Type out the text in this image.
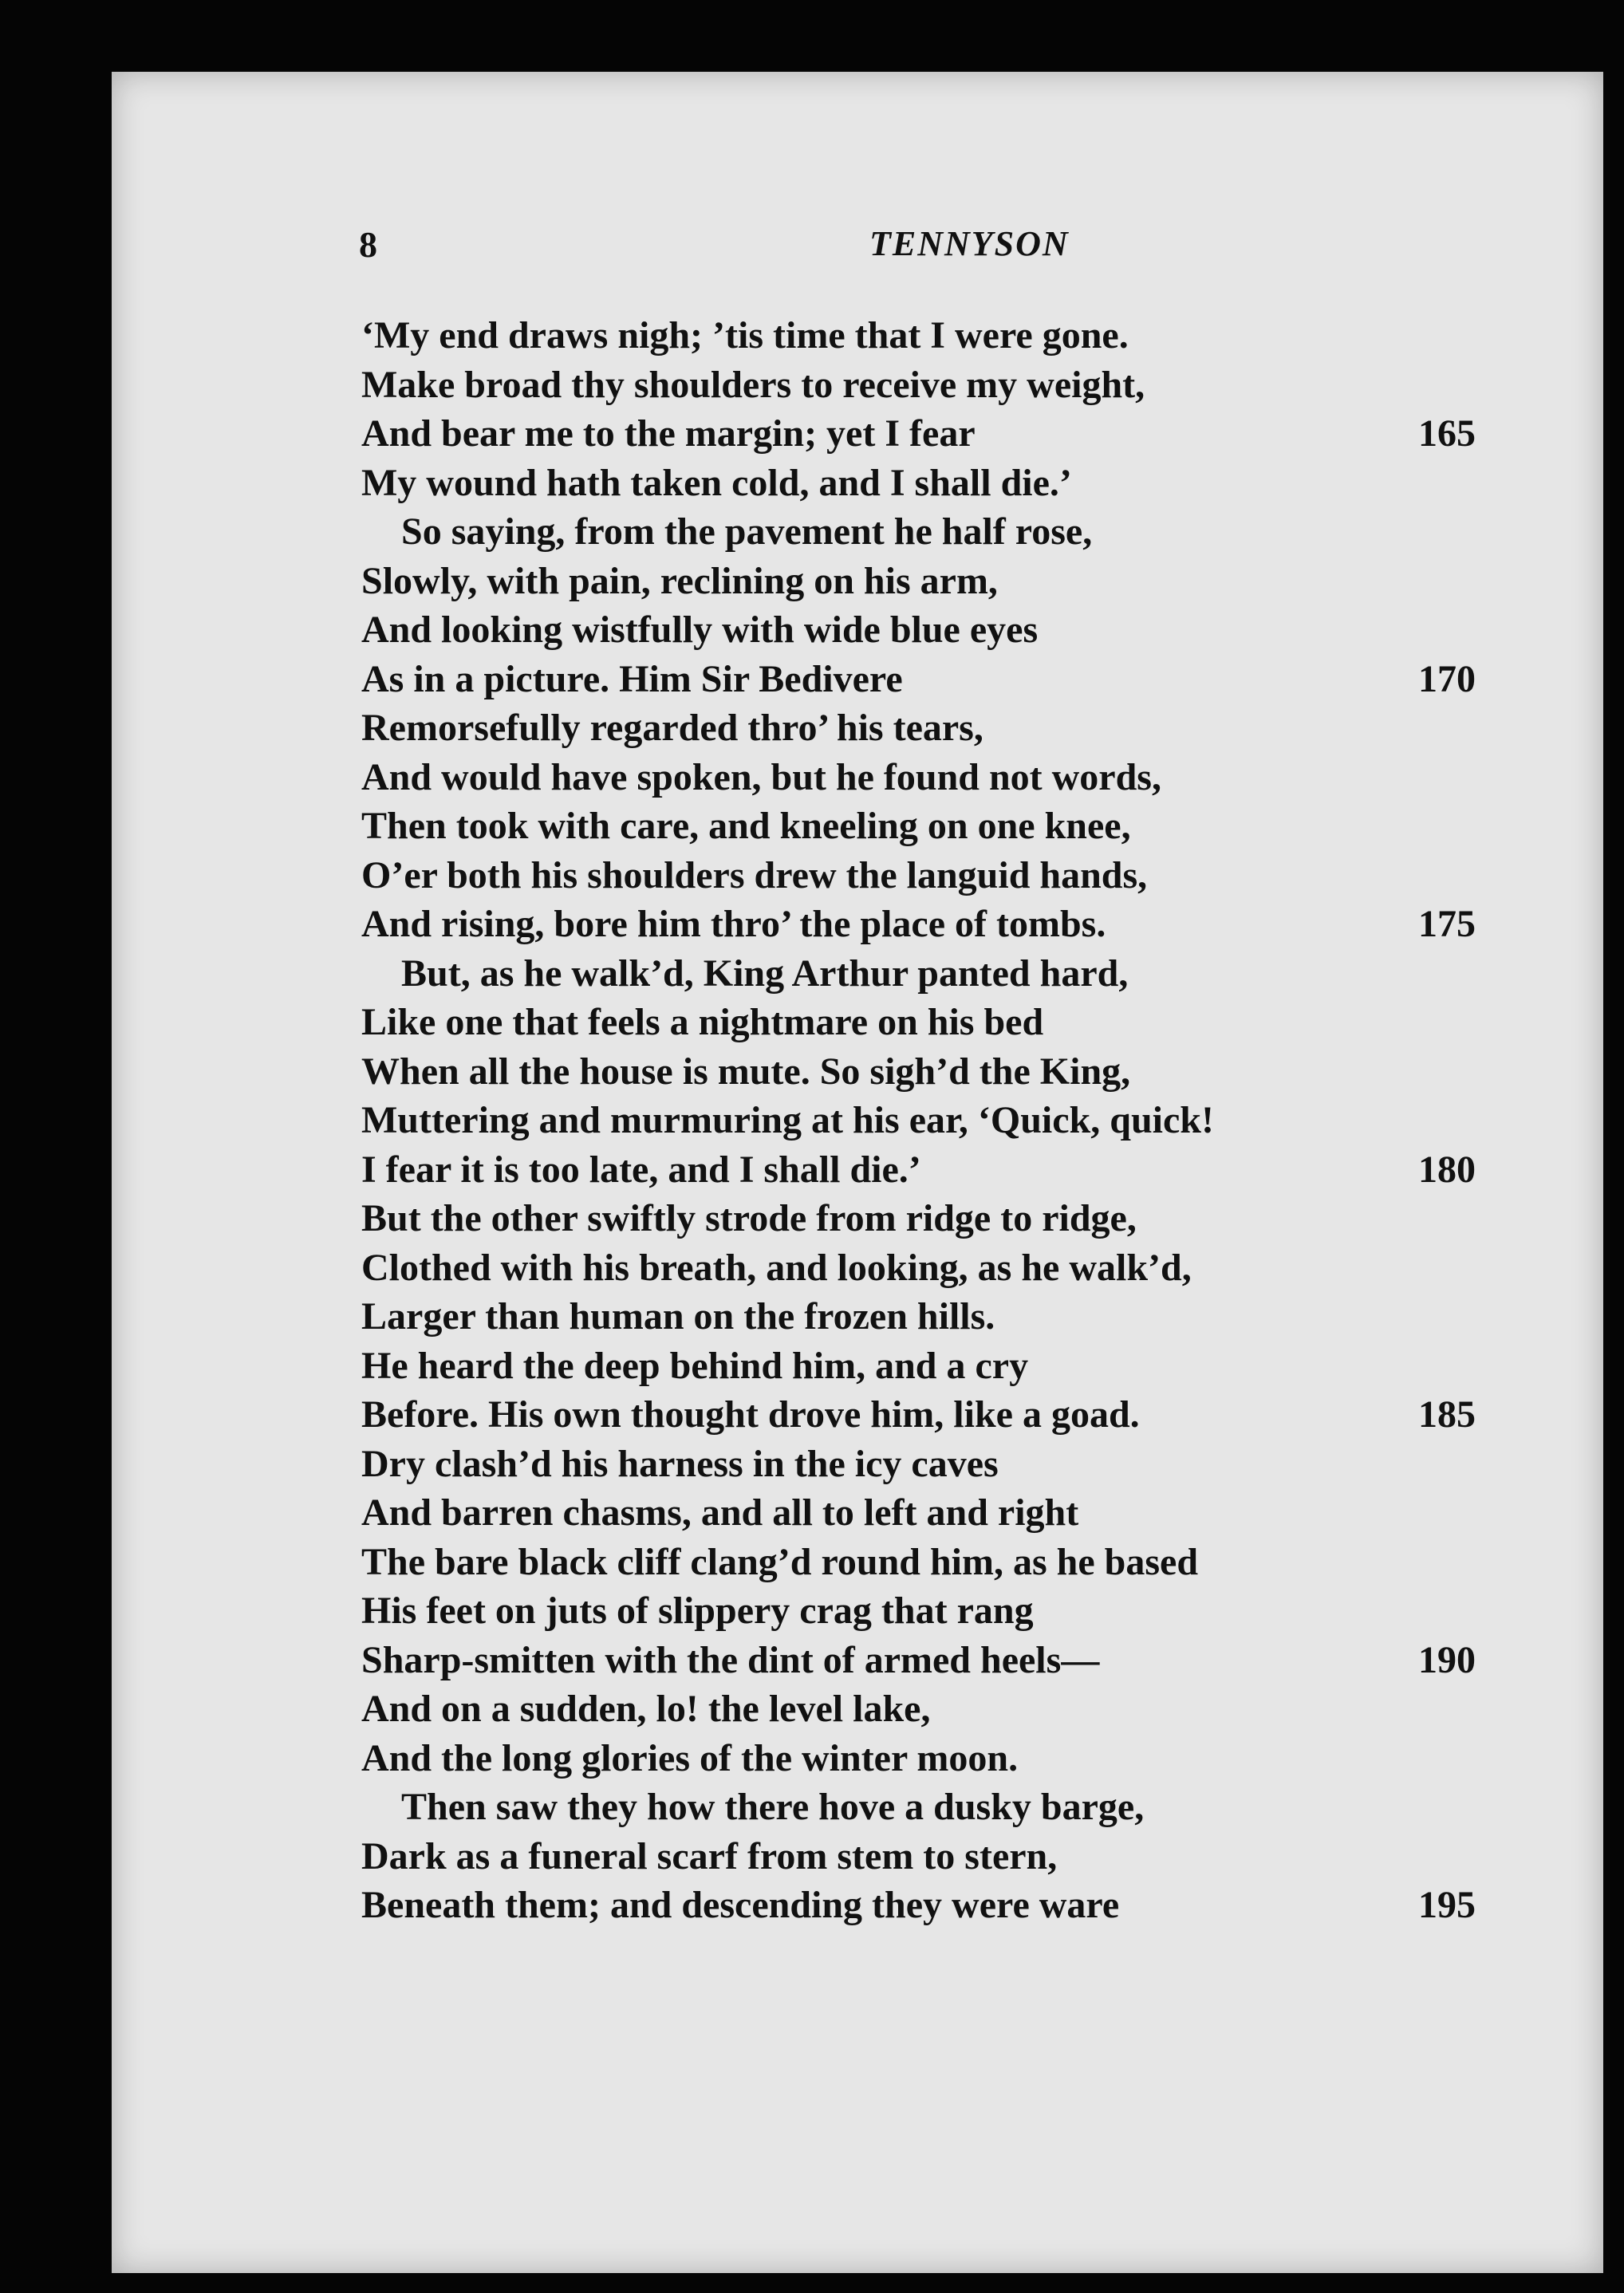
8	TENNYSON
‘My end draws nigh; ’tis time that I were gone.
Make broad thy shoulders to receive my weight,
And bear me to the margin; yet I fear	165
My wound hath taken cold, and I shall die.’
So saying, from the pavement he half rose,
Slowly, with pain, reclining on his arm,
And looking wistfully with wide blue eyes
As in a picture. Him Sir Bedivere	170
Remorsefully regarded thro’ his tears,
And would have spoken, but he found not words,
Then took with care, and kneeling on one knee,
O’er both his shoulders drew the languid hands,
And rising, bore him thro’ the place of tombs.	175
But, as he walk’d, King Arthur panted hard,
Like one that feels a nightmare on his bed
When all the house is mute. So sigh’d the King,
Muttering and murmuring at his ear, ‘Quick, quick!
I fear it is too late, and I shall die.’	180
But the other swiftly strode from ridge to ridge,
Clothed with his breath, and looking, as he walk’d,
Larger than human on the frozen hills.
He heard the deep behind him, and a cry
Before. His own thought drove him, like a goad.	185
Dry clash’d his harness in the icy caves
And barren chasms, and all to left and right
The bare black cliff clang’d round him, as he based
His feet on juts of slippery crag that rang
Sharp-smitten with the dint of armed heels—	190
And on a sudden, lo! the level lake,
And the long glories of the winter moon.
Then saw they how there hove a dusky barge,
Dark as a funeral scarf from stem to stern,
Beneath them; and descending they were ware	195
